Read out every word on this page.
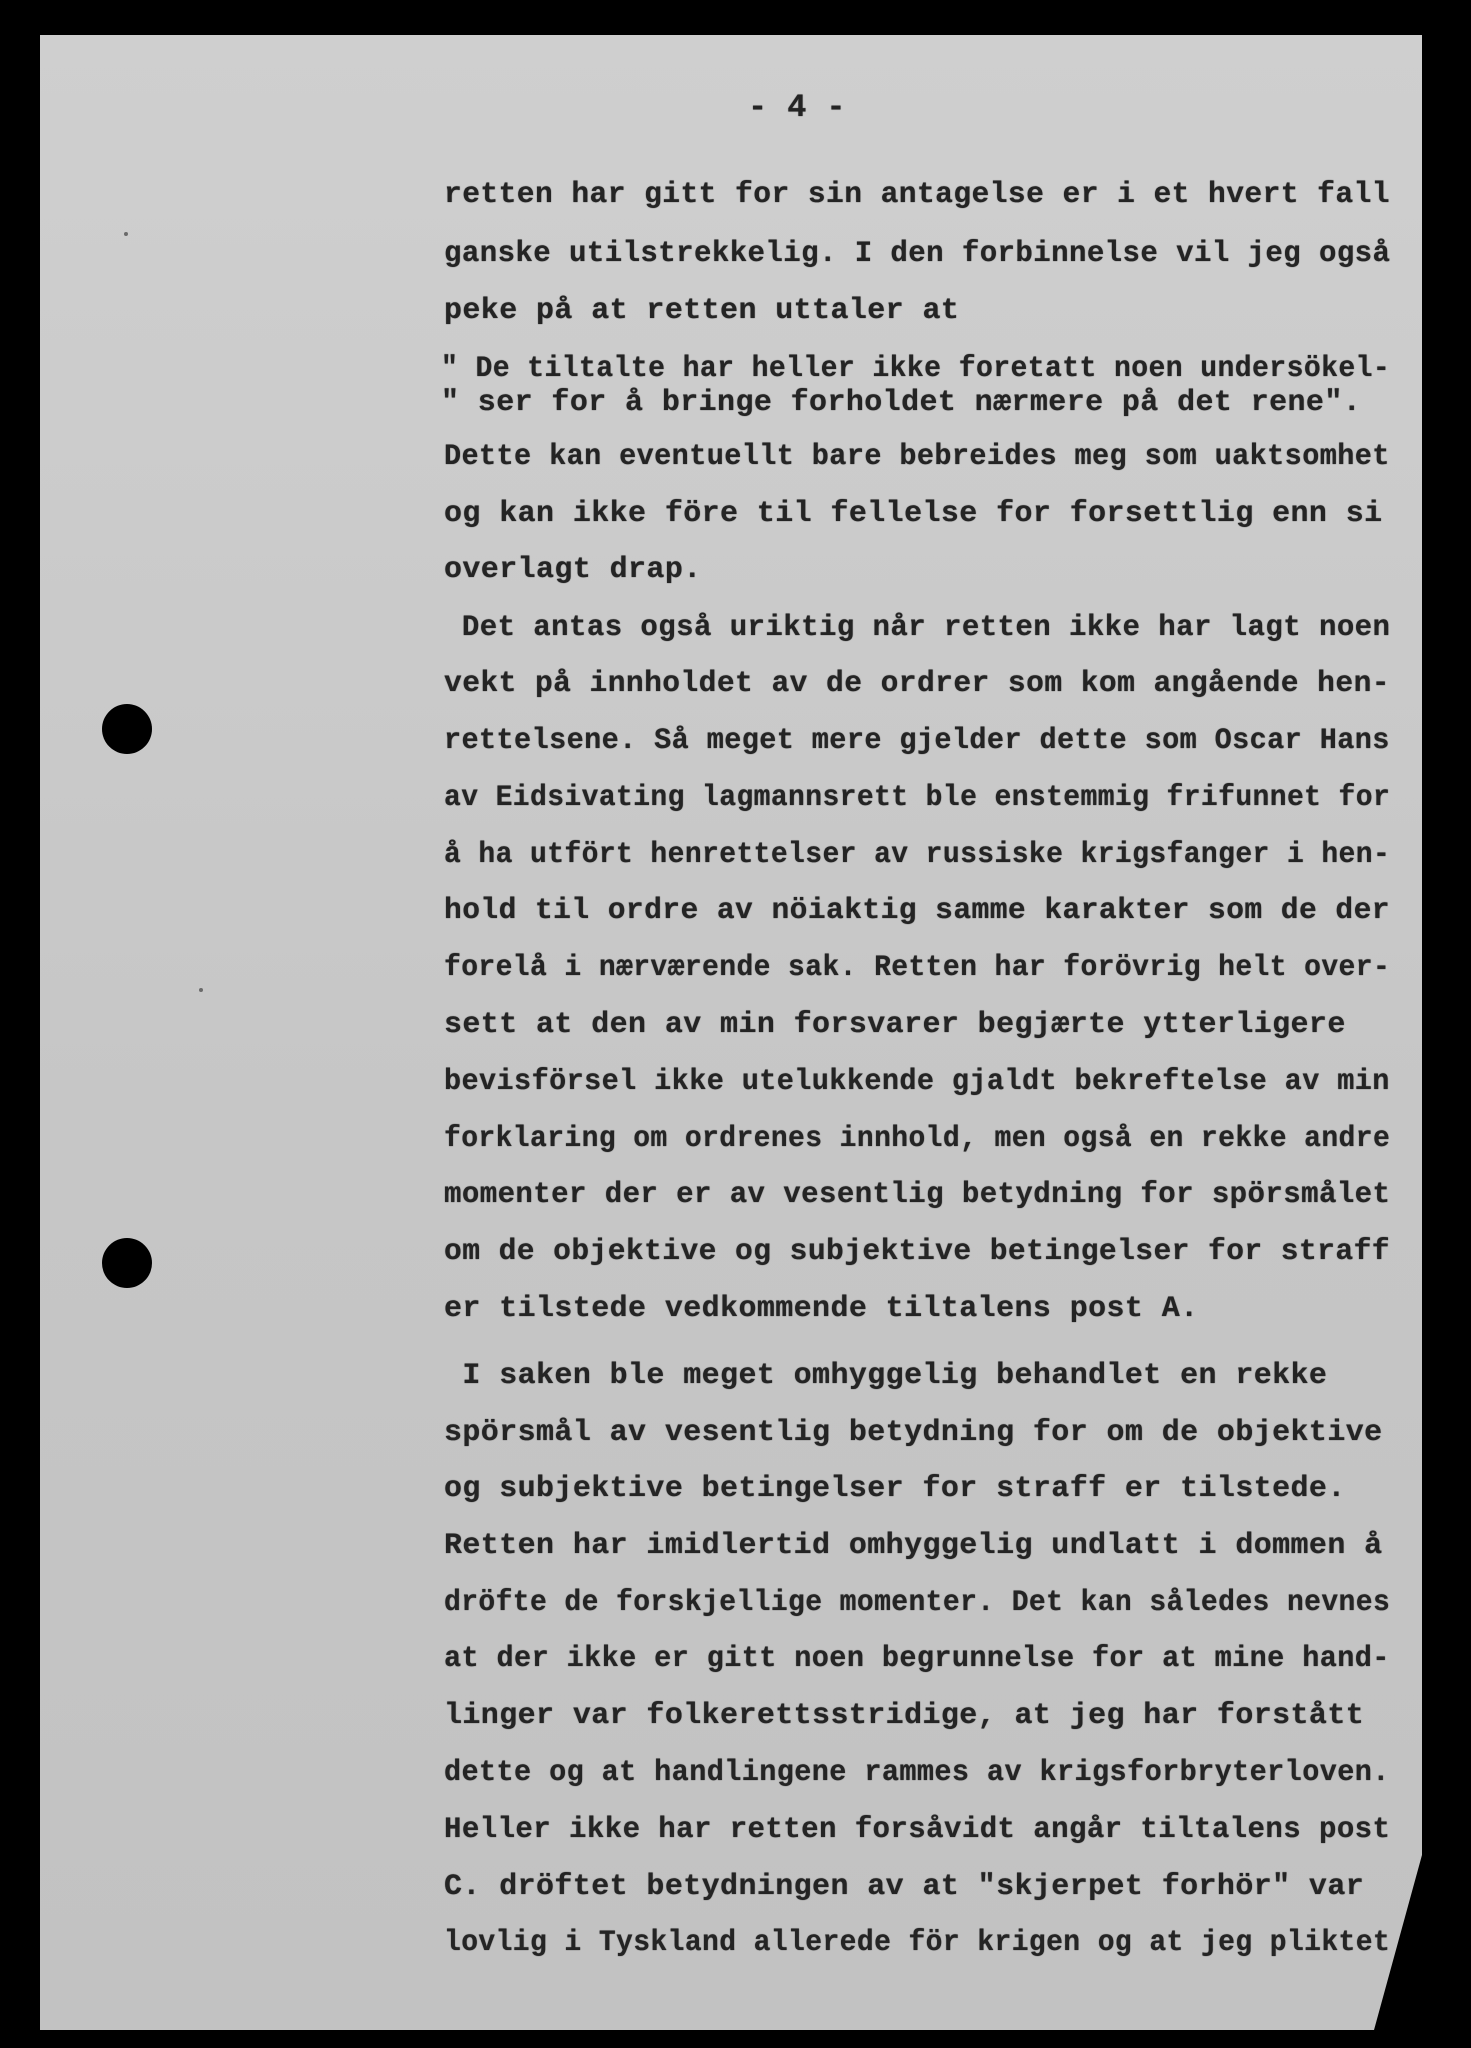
- 4 -
retten har gitt for sin antagelse er i et hvert fall
ganske utilstrekkelig. I den forbinnelse vil jeg også
peke på at retten uttaler at
" De tiltalte har heller ikke foretatt noen undersökel-
" ser for å bringe forholdet nærmere på det rene".
Dette kan eventuellt bare bebreides meg som uaktsomhet
og kan ikke före til fellelse for forsettlig enn si
overlagt drap.
Det antas også uriktig når retten ikke har lagt noen
vekt på innholdet av de ordrer som kom angående hen-
rettelsene. Så meget mere gjelder dette som Oscar Hans
av Eidsivating lagmannsrett ble enstemmig frifunnet for
å ha utfört henrettelser av russiske krigsfanger i hen-
hold til ordre av nöiaktig samme karakter som de der
forelå i nærværende sak. Retten har forövrig helt over-
sett at den av min forsvarer begjærte ytterligere
bevisförsel ikke utelukkende gjaldt bekreftelse av min
forklaring om ordrenes innhold, men også en rekke andre
momenter der er av vesentlig betydning for spörsmålet
om de objektive og subjektive betingelser for straff
er tilstede vedkommende tiltalens post A.
I saken ble meget omhyggelig behandlet en rekke
spörsmål av vesentlig betydning for om de objektive
og subjektive betingelser for straff er tilstede.
Retten har imidlertid omhyggelig undlatt i dommen å
dröfte de forskjellige momenter. Det kan således nevnes
at der ikke er gitt noen begrunnelse for at mine hand-
linger var folkerettsstridige, at jeg har forstått
dette og at handlingene rammes av krigsforbryterloven.
Heller ikke har retten forsåvidt angår tiltalens post
C. dröftet betydningen av at "skjerpet forhör" var
lovlig i Tyskland allerede för krigen og at jeg pliktet
